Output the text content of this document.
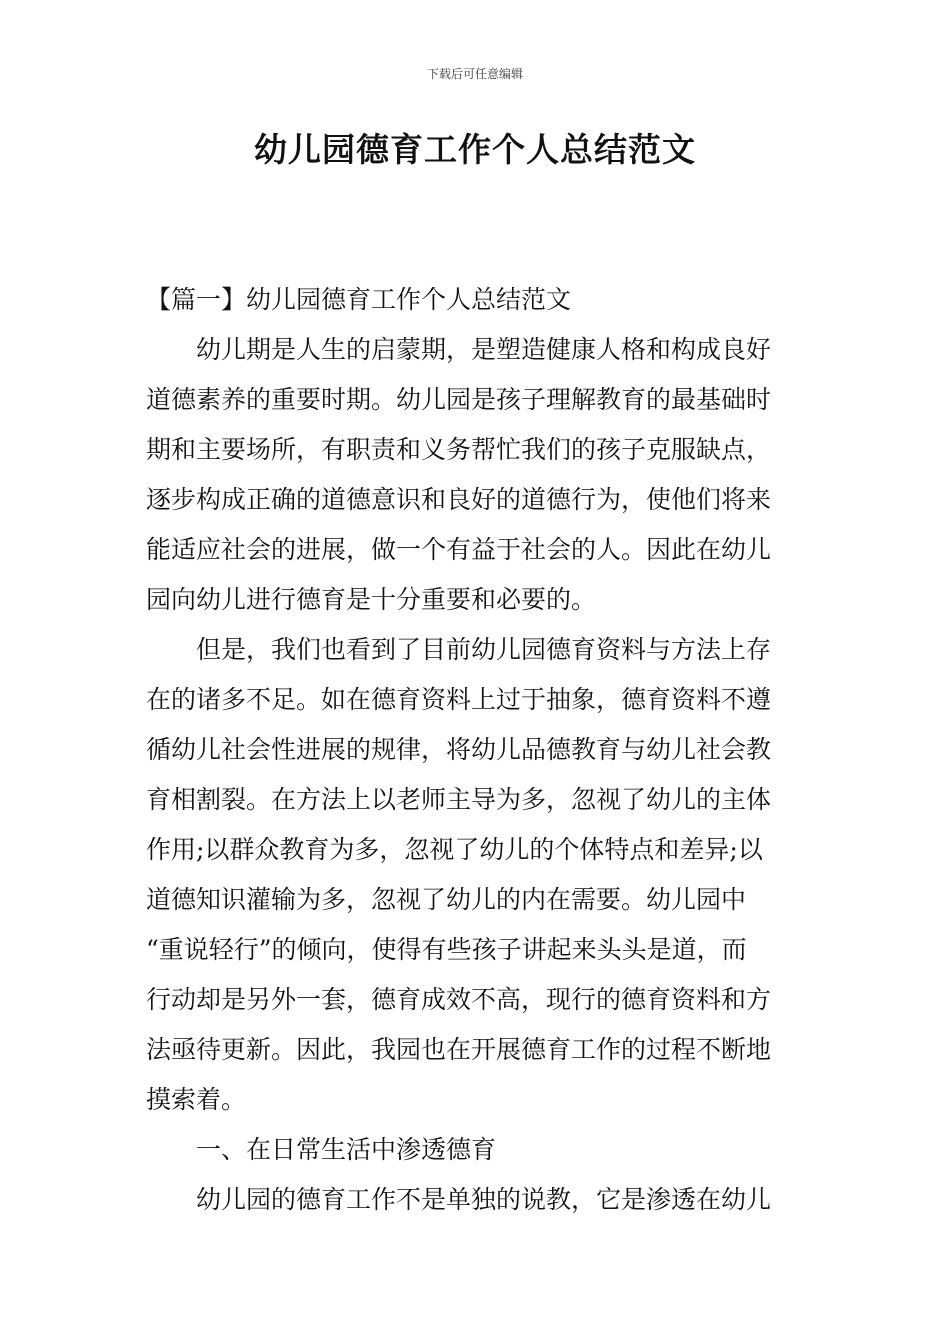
下载后可任意编辑
幼儿园德育工作个人总结范文

【篇一】幼儿园德育工作个人总结范文

幼儿期是人生的启蒙期，是塑造健康人格和构成良好

道德素养的重要时期。幼儿园是孩子理解教育的最基础时

期和主要场所，有职责和义务帮忙我们的孩子克服缺点，

逐步构成正确的道德意识和良好的道德行为，使他们将来

能适应社会的进展，做一个有益于社会的人。因此在幼儿

园向幼儿进行德育是十分重要和必要的。

但是，我们也看到了目前幼儿园德育资料与方法上存

在的诸多不足。如在德育资料上过于抽象，德育资料不遵

循幼儿社会性进展的规律，将幼儿品德教育与幼儿社会教

育相割裂。在方法上以老师主导为多，忽视了幼儿的主体

作用;以群众教育为多，忽视了幼儿的个体特点和差异;以

道德知识灌输为多，忽视了幼儿的内在需要。幼儿园中

“重说轻行”的倾向，使得有些孩子讲起来头头是道，而

行动却是另外一套，德育成效不高，现行的德育资料和方

法亟待更新。因此，我园也在开展德育工作的过程不断地

摸索着。

一、在日常生活中渗透德育

幼儿园的德育工作不是单独的说教，它是渗透在幼儿
